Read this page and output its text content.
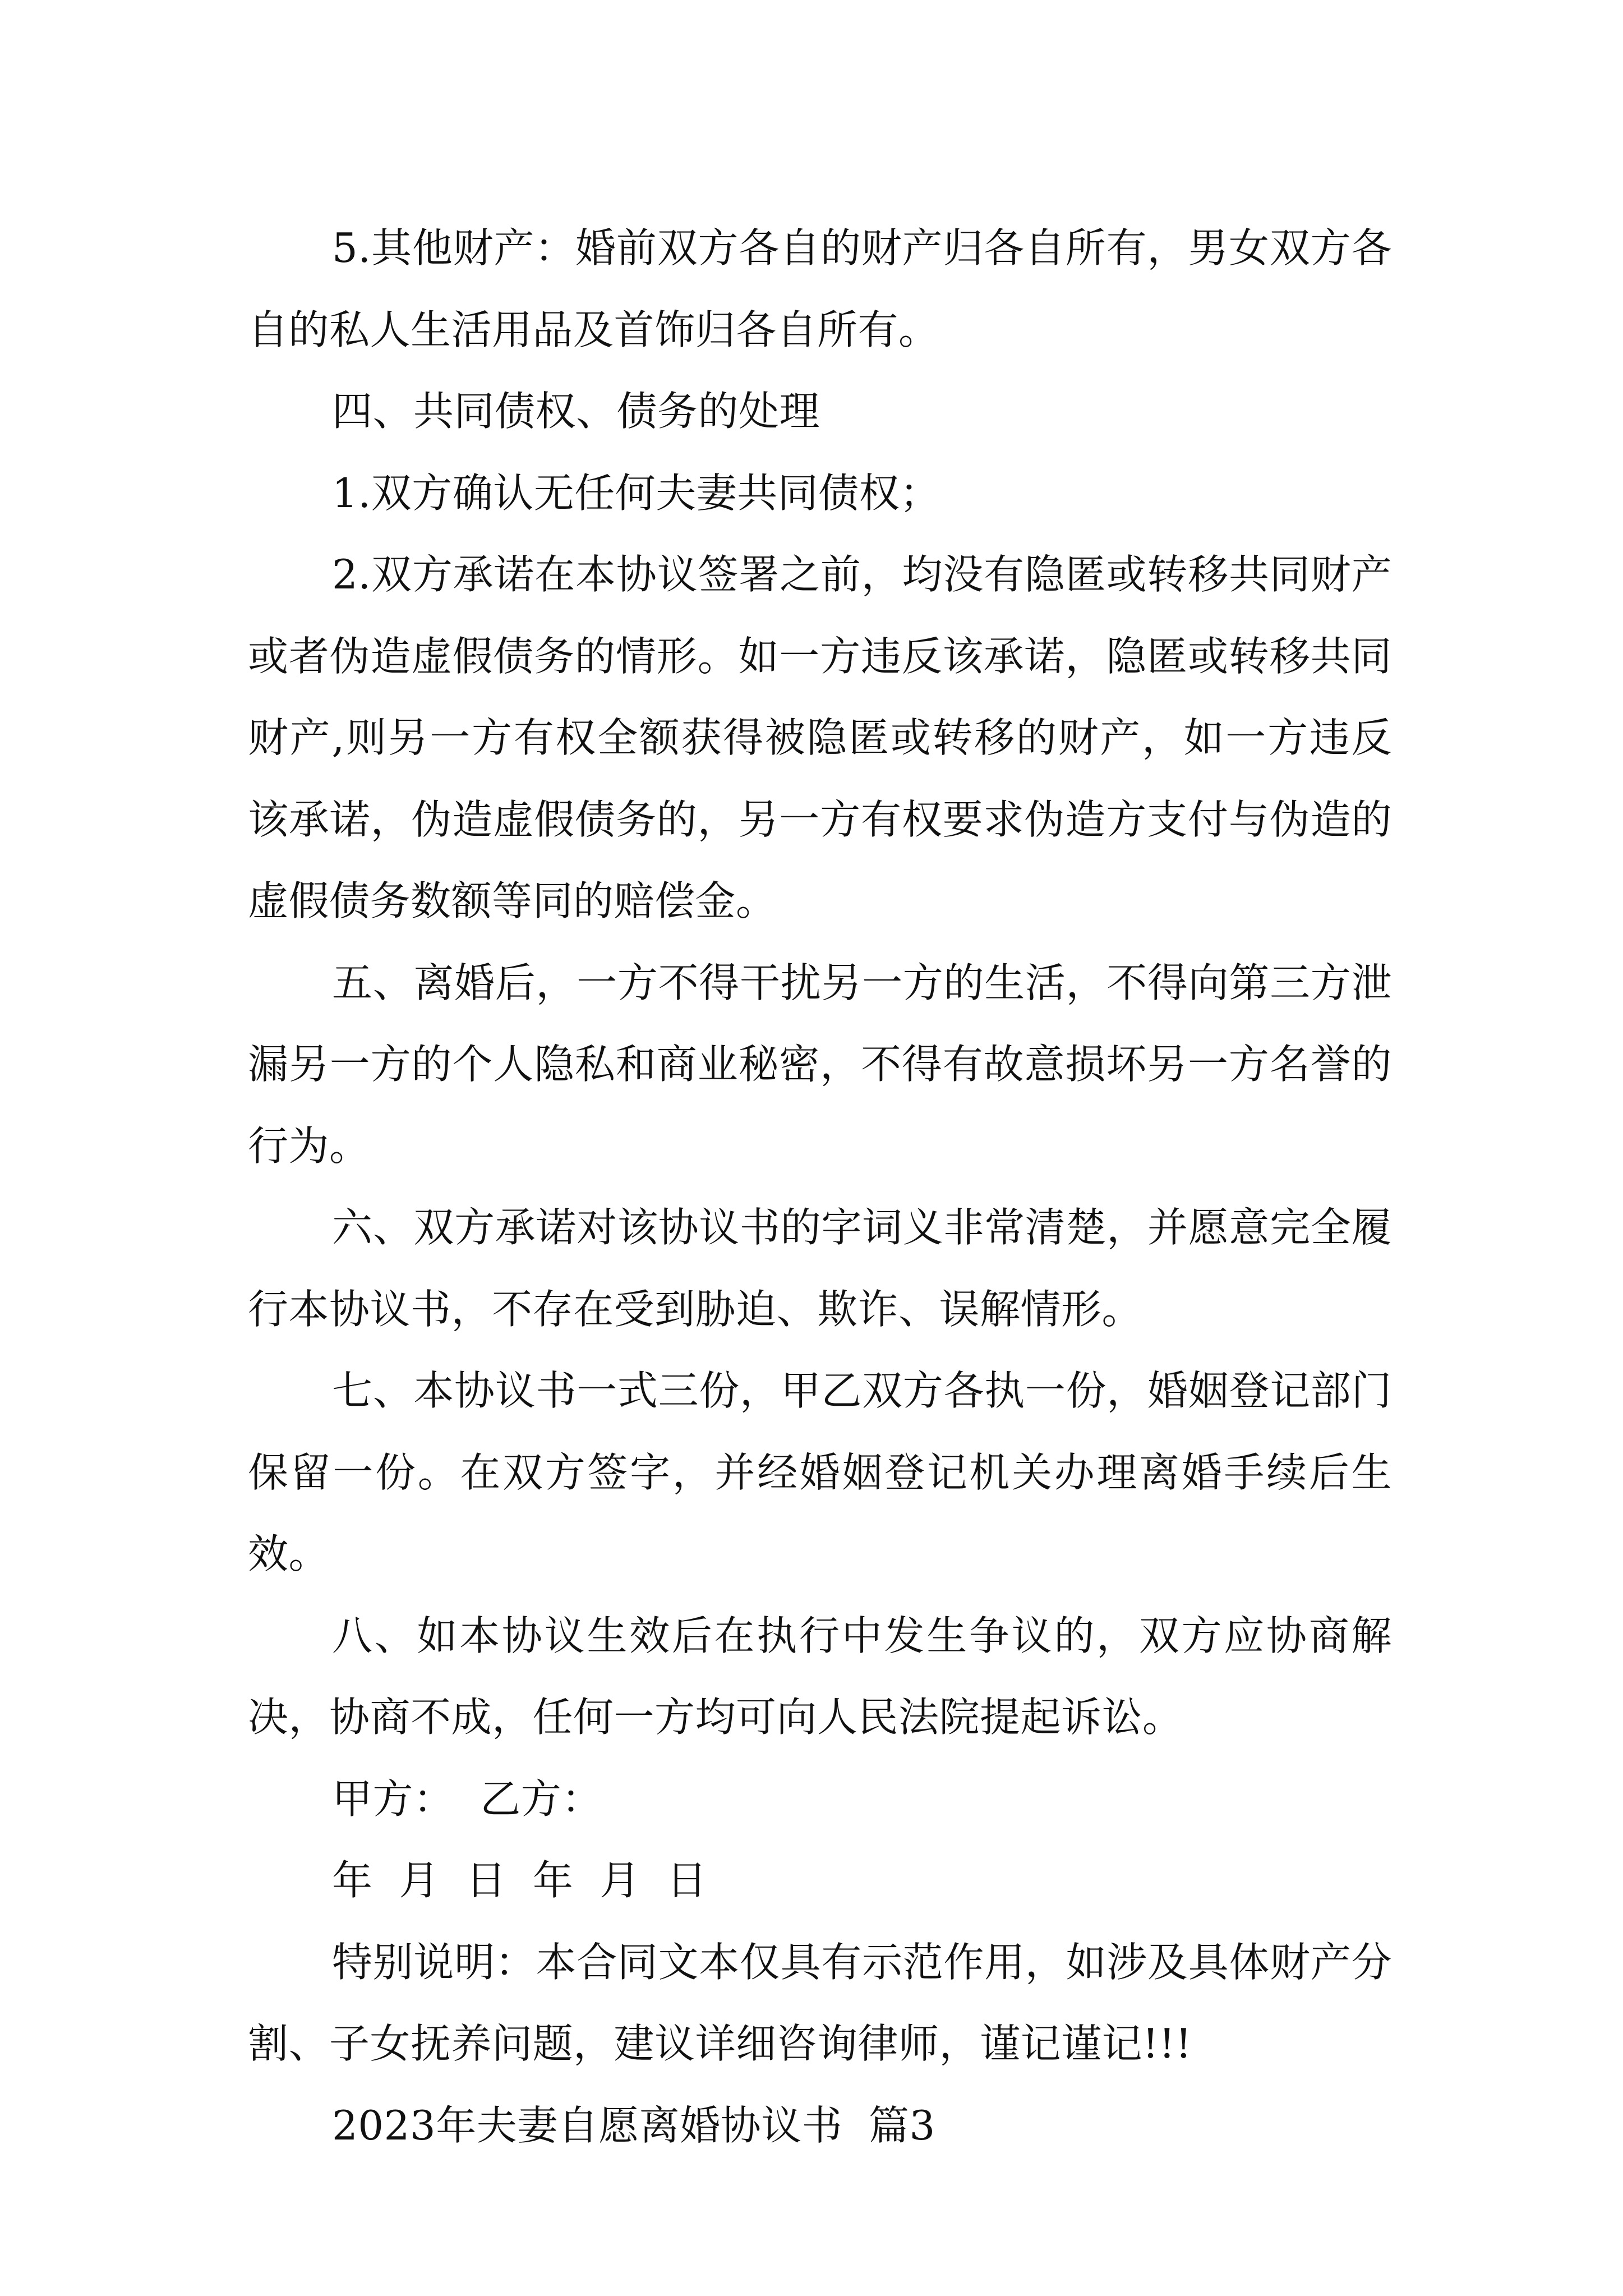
5.其他财产：婚前双方各自的财产归各自所有，男女双方各自的私人生活用品及首饰归各自所有。

四、共同债权、债务的处理

1.双方确认无任何夫妻共同债权；

2.双方承诺在本协议签署之前，均没有隐匿或转移共同财产或者伪造虚假债务的情形。如一方违反该承诺，隐匿或转移共同财产,则另一方有权全额获得被隐匿或转移的财产，如一方违反该承诺，伪造虚假债务的，另一方有权要求伪造方支付与伪造的虚假债务数额等同的赔偿金。

五、离婚后，一方不得干扰另一方的生活，不得向第三方泄漏另一方的个人隐私和商业秘密，不得有故意损坏另一方名誉的行为。

六、双方承诺对该协议书的字词义非常清楚，并愿意完全履行本协议书，不存在受到胁迫、欺诈、误解情形。

七、本协议书一式三份，甲乙双方各执一份，婚姻登记部门保留一份。在双方签字，并经婚姻登记机关办理离婚手续后生效。

八、如本协议生效后在执行中发生争议的，双方应协商解决，协商不成，任何一方均可向人民法院提起诉讼。

甲方：  乙方：

年  月  日  年  月  日

特别说明：本合同文本仅具有示范作用，如涉及具体财产分割、子女抚养问题，建议详细咨询律师，谨记谨记!!!

2023年夫妻自愿离婚协议书  篇3
